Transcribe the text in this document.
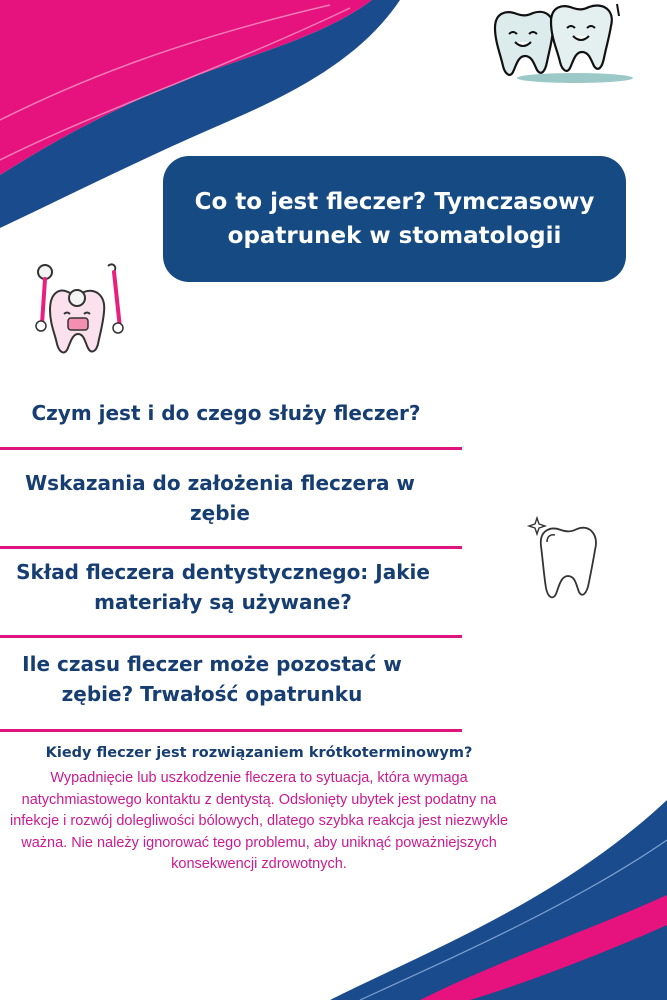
Co to jest fleczer? Tymczasowy opatrunek w stomatologii
Czym jest i do czego służy fleczer?
Wskazania do założenia fleczera w zębie
Skład fleczera dentystycznego: Jakie materiały są używane?
Ile czasu fleczer może pozostać w zębie? Trwałość opatrunku
Kiedy fleczer jest rozwiązaniem krótkoterminowym?
Wypadnięcie lub uszkodzenie fleczera to sytuacja, która wymaga natychmiastowego kontaktu z dentystą. Odsłonięty ubytek jest podatny na infekcje i rozwój dolegliwości bólowych, dlatego szybka reakcja jest niezwykle ważna. Nie należy ignorować tego problemu, aby uniknąć poważniejszych konsekwencji zdrowotnych.
